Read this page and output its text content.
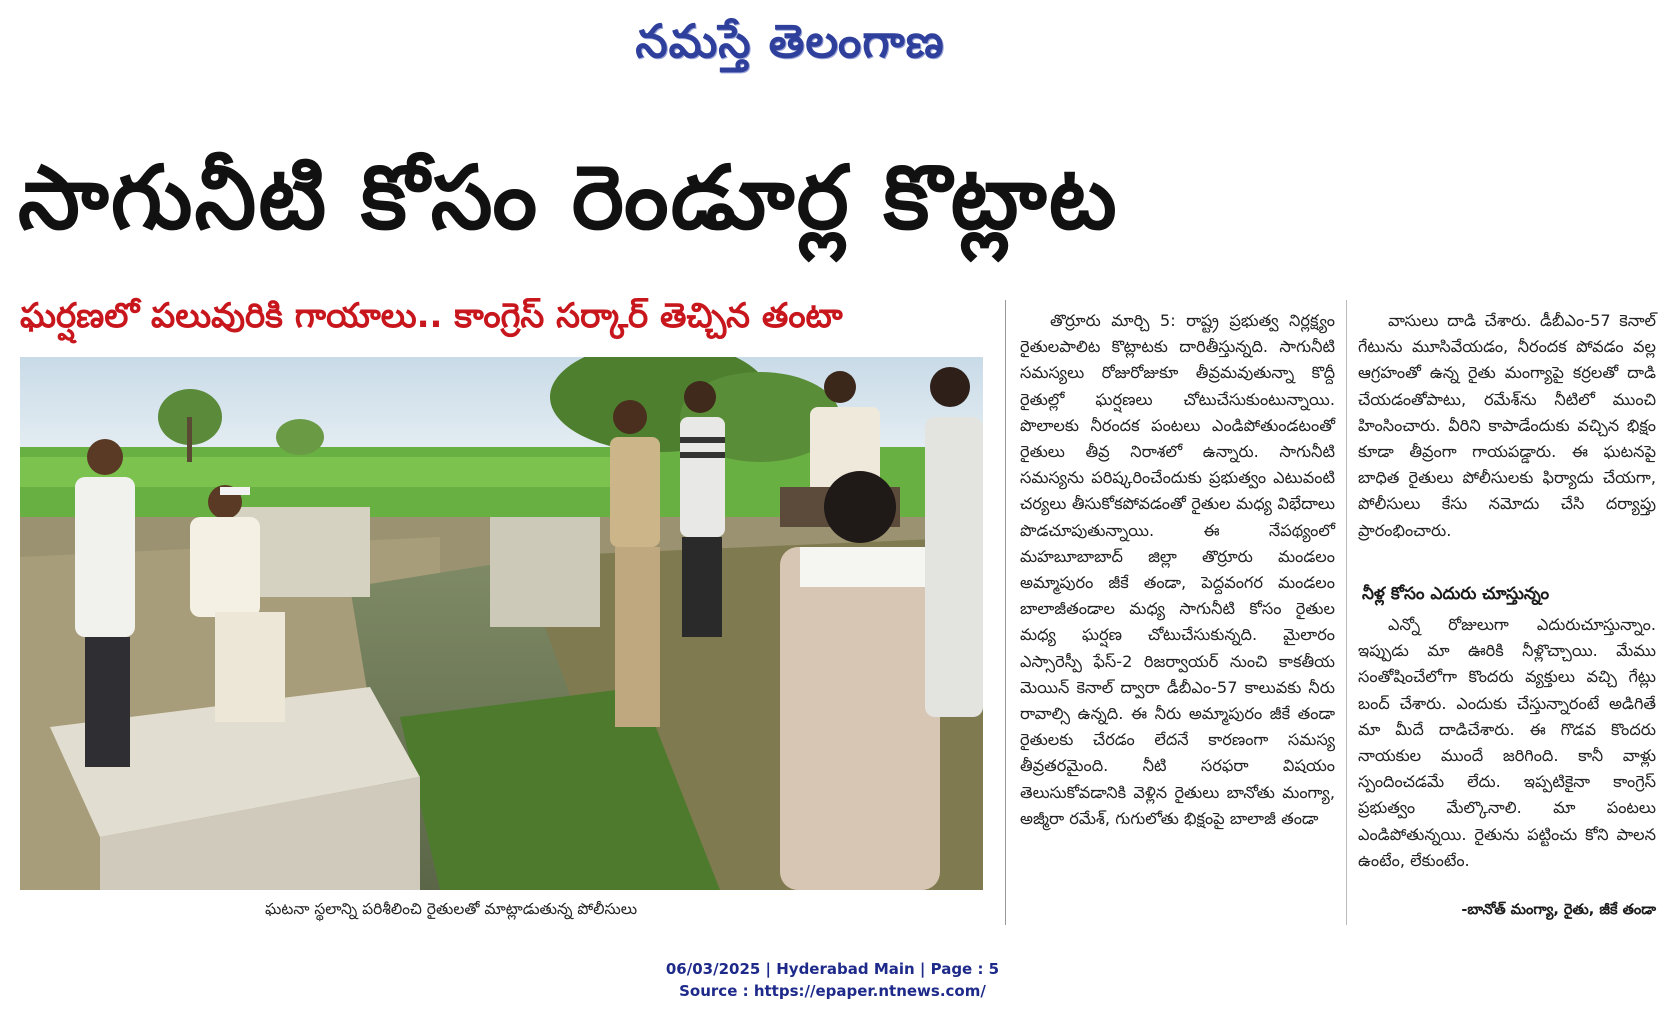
నమస్తే తెలంగాణ
సాగునీటి కోసం రెండూర్ల కొట్లాట
ఘర్షణలో పలువురికి గాయాలు.. కాంగ్రెస్ సర్కార్ తెచ్చిన తంటా
ఘటనా స్థలాన్ని పరిశీలించి రైతులతో మాట్లాడుతున్న పోలీసులు

తొర్రూరు మార్చి 5: రాష్ట్ర ప్రభుత్వ నిర్లక్ష్యం రైతులపాలిట కొట్లాటకు దారితీస్తున్నది. సాగునీటి సమస్యలు రోజురోజుకూ తీవ్రమవుతున్నా కొద్దీ రైతుల్లో ఘర్షణలు చోటుచేసుకుంటున్నాయి. పొలాలకు నీరందక పంటలు ఎండిపోతుండటంతో రైతులు తీవ్ర నిరాశలో ఉన్నారు. సాగునీటి సమస్యను పరిష్కరించేందుకు ప్రభుత్వం ఎటువంటి చర్యలు తీసుకోకపోవడంతో రైతుల మధ్య విభేదాలు పొడచూపుతున్నాయి. ఈ నేపథ్యంలో మహబూబాబాద్ జిల్లా తొర్రూరు మండలం అమ్మాపురం జీకే తండా, పెద్దవంగర మండలం బాలాజీతండాల మధ్య సాగునీటి కోసం రైతుల మధ్య ఘర్షణ చోటుచేసుకున్నది. మైలారం ఎస్సారెస్పీ ఫేస్-2 రిజర్వాయర్ నుంచి కాకతీయ మెయిన్ కెనాల్ ద్వారా డీబీఎం-57 కాలువకు నీరు రావాల్సి ఉన్నది. ఈ నీరు అమ్మాపురం జీకే తండా రైతులకు చేరడం లేదనే కారణంగా సమస్య తీవ్రతరమైంది. నీటి సరఫరా విషయం తెలుసుకోవడానికి వెళ్లిన రైతులు బానోతు మంగ్యా, అజ్మీరా రమేశ్, గుగులోతు భిక్షంపై బాలాజీ తండా

వాసులు దాడి చేశారు. డీబీఎం-57 కెనాల్ గేటును మూసివేయడం, నీరందక పోవడం వల్ల ఆగ్రహంతో ఉన్న రైతు మంగ్యాపై కర్రలతో దాడి చేయడంతోపాటు, రమేశ్‌ను నీటిలో ముంచి హింసించారు. వీరిని కాపాడేందుకు వచ్చిన భిక్షం కూడా తీవ్రంగా గాయపడ్డారు. ఈ ఘటనపై బాధిత రైతులు పోలీసులకు ఫిర్యాదు చేయగా, పోలీసులు కేసు నమోదు చేసి దర్యాప్తు ప్రారంభించారు.

నీళ్ల కోసం ఎదురు చూస్తున్నం

ఎన్నో రోజులుగా ఎదురుచూస్తున్నాం. ఇప్పుడు మా ఊరికి నీళ్లొచ్చాయి. మేము సంతోషించేలోగా కొందరు వ్యక్తులు వచ్చి గేట్లు బంద్ చేశారు. ఎందుకు చేస్తున్నారంటే అడిగితే మా మీదే దాడిచేశారు. ఈ గొడవ కొందరు నాయకుల ముందే జరిగింది. కానీ వాళ్లు స్పందించడమే లేదు. ఇప్పటికైనా కాంగ్రెస్ ప్రభుత్వం మేల్కొనాలి. మా పంటలు ఎండిపోతున్నయి. రైతును పట్టించు కోని పాలన ఉంటేం, లేకుంటేం.

-బానోత్ మంగ్యా, రైతు, జీకే తండా
06/03/2025 | Hyderabad Main | Page : 5
Source : https://epaper.ntnews.com/
